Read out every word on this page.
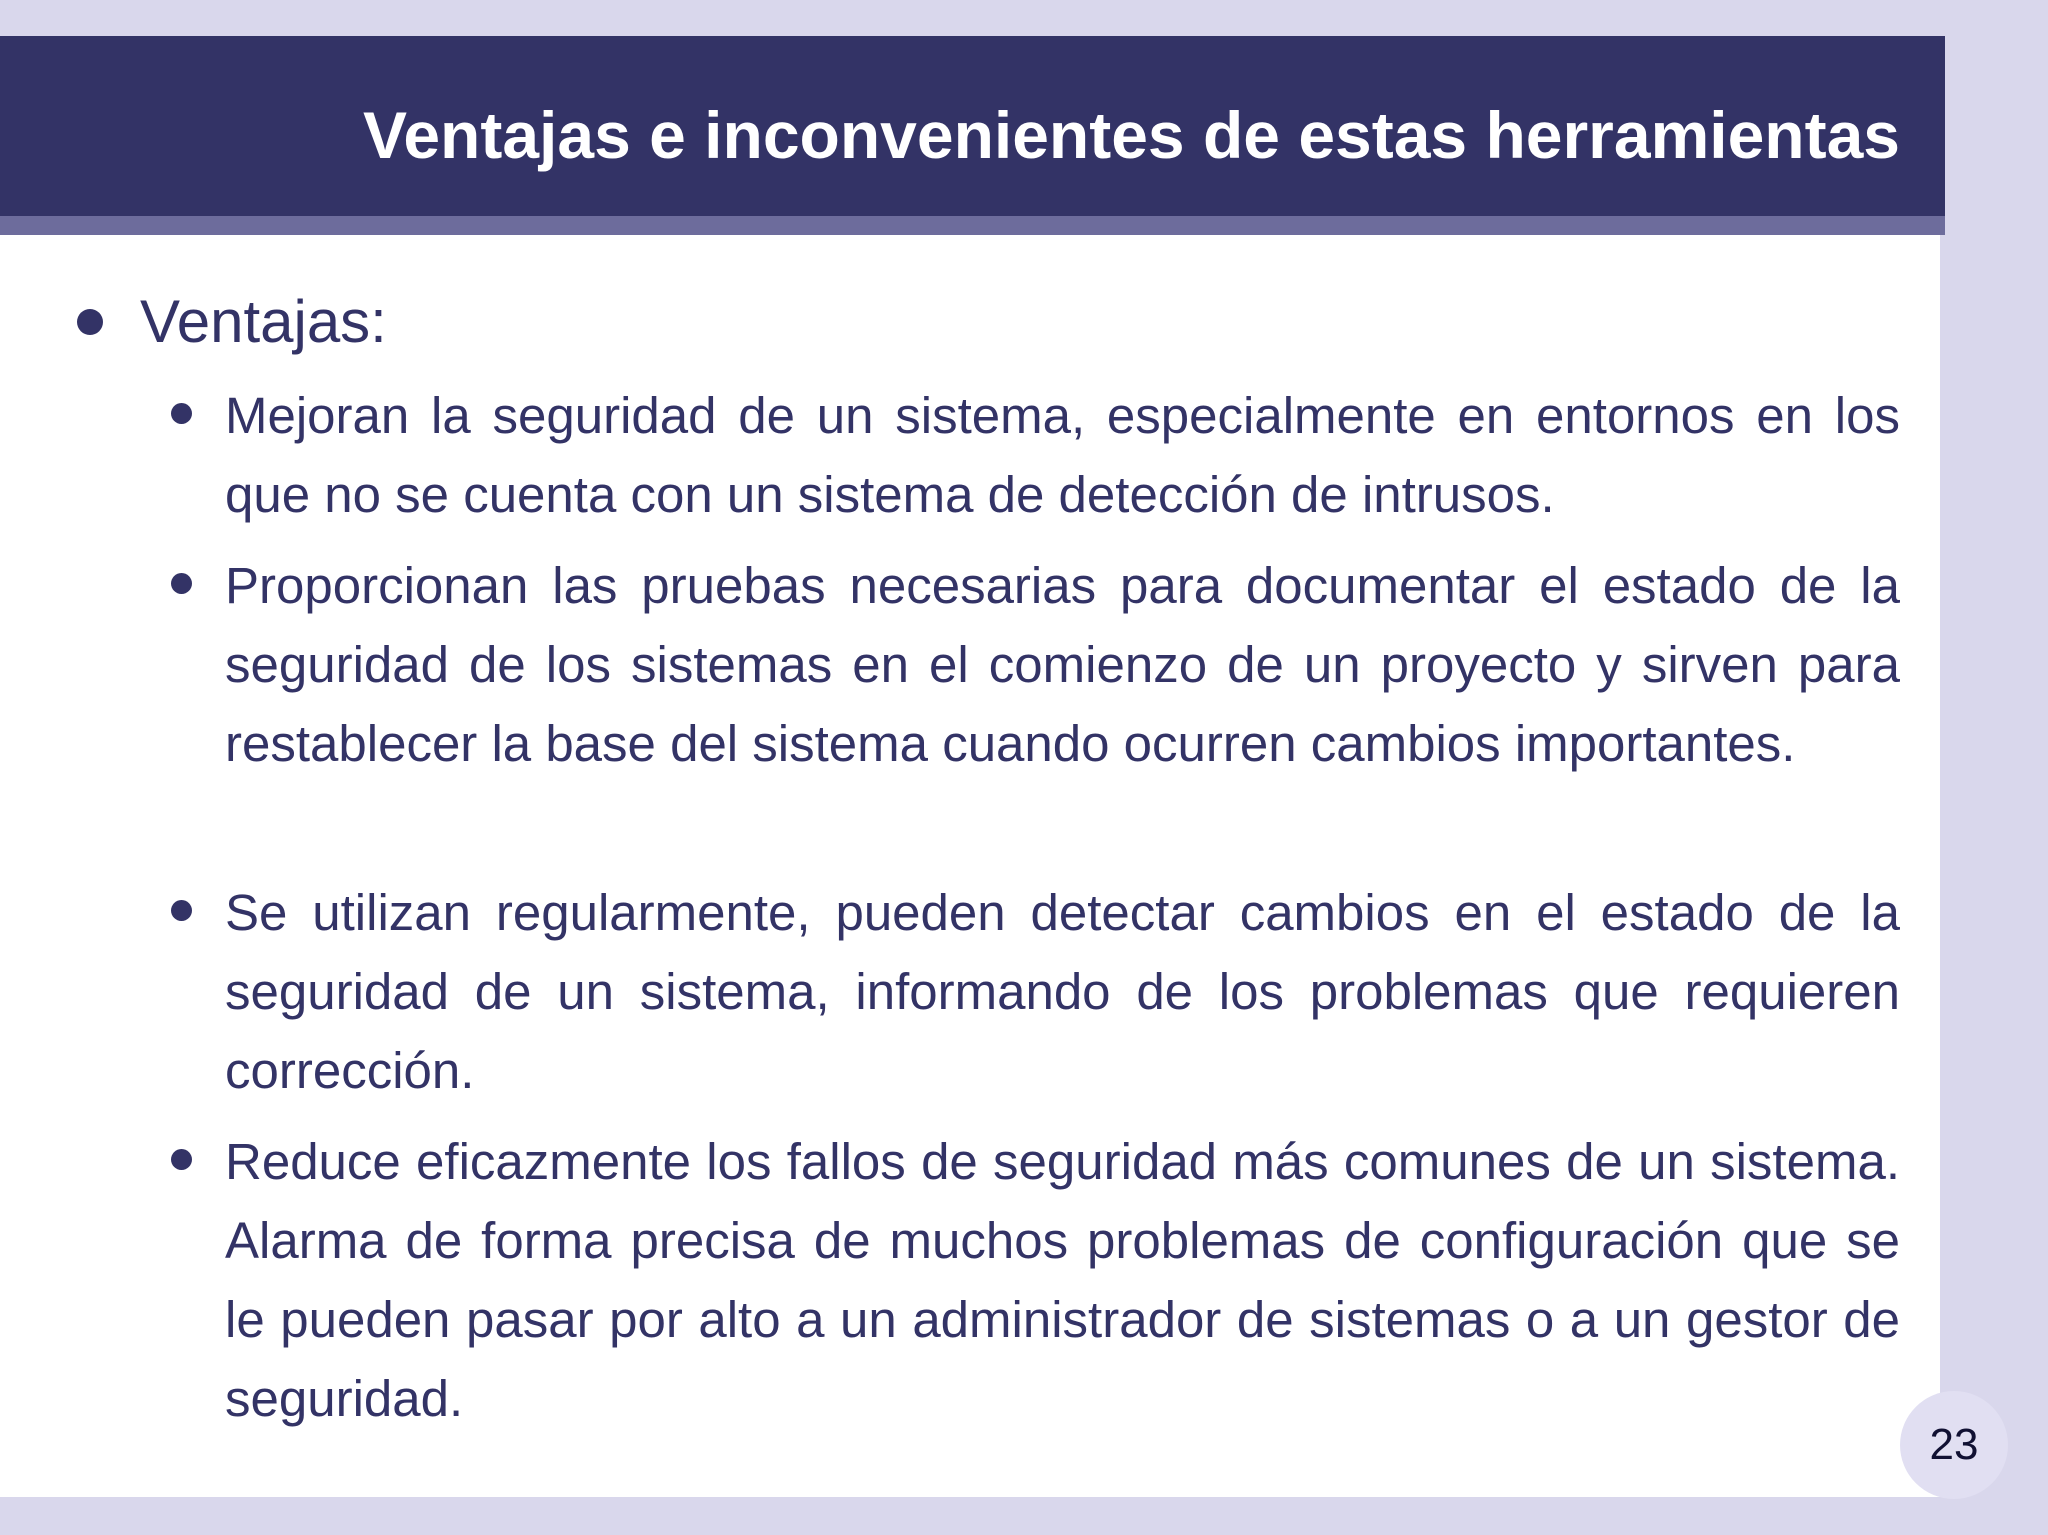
Ventajas e inconvenientes de estas herramientas
Ventajas:
Mejoran la seguridad de un sistema, especialmente en entornos en los que no se cuenta con un sistema de detección de intrusos.
Proporcionan las pruebas necesarias para documentar el estado de la seguridad de los sistemas en el comienzo de un proyecto y sirven para restablecer la base del sistema cuando ocurren cambios importantes.
Se utilizan regularmente, pueden detectar cambios en el estado de la seguridad de un sistema, informando de los problemas que requieren corrección.
Reduce eficazmente los fallos de seguridad más comunes de un sistema. Alarma de forma precisa de muchos problemas de configuración que se le pueden pasar por alto a un administrador de sistemas o a un gestor de seguridad.
23
